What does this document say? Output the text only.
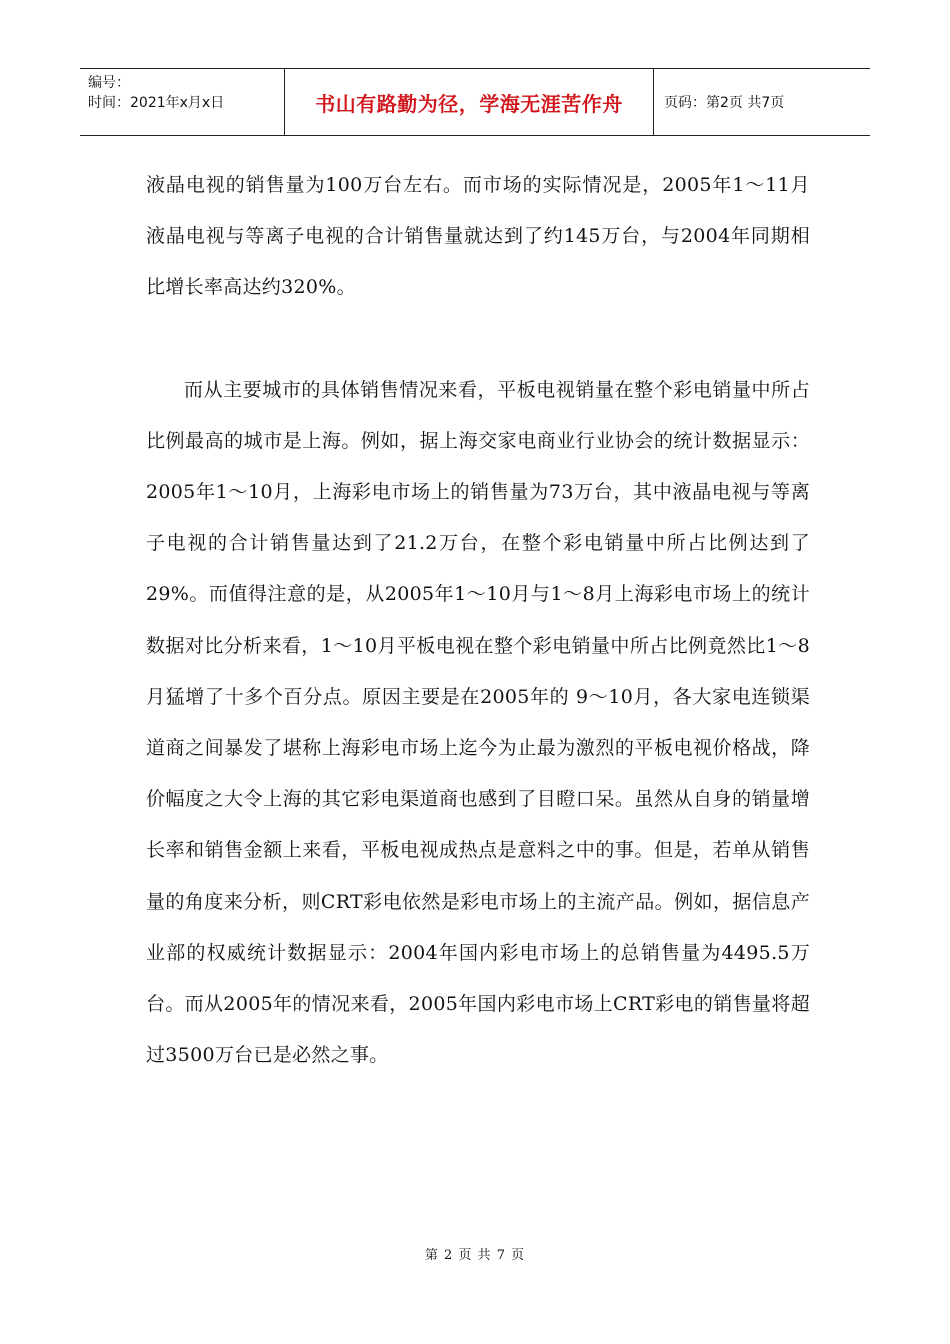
编号：
时间：2021年x月x日	书山有路勤为径，学海无涯苦作舟	页码：第2页 共7页

液晶电视的销售量为100万台左右。而市场的实际情况是，2005年1～11月液晶电视与等离子电视的合计销售量就达到了约145万台，与2004年同期相比增长率高达约320%。

而从主要城市的具体销售情况来看，平板电视销量在整个彩电销量中所占比例最高的城市是上海。例如，据上海交家电商业行业协会的统计数据显示：2005年1～10月，上海彩电市场上的销售量为73万台，其中液晶电视与等离子电视的合计销售量达到了21.2万台，在整个彩电销量中所占比例达到了29%。而值得注意的是，从2005年1～10月与1～8月上海彩电市场上的统计数据对比分析来看，1～10月平板电视在整个彩电销量中所占比例竟然比1～8月猛增了十多个百分点。原因主要是在2005年的 9～10月，各大家电连锁渠道商之间暴发了堪称上海彩电市场上迄今为止最为激烈的平板电视价格战，降价幅度之大令上海的其它彩电渠道商也感到了目瞪口呆。虽然从自身的销量增长率和销售金额上来看，平板电视成热点是意料之中的事。但是，若单从销售量的角度来分析，则CRT彩电依然是彩电市场上的主流产品。例如，据信息产业部的权威统计数据显示：2004年国内彩电市场上的总销售量为4495.5万台。而从2005年的情况来看，2005年国内彩电市场上CRT彩电的销售量将超过3500万台已是必然之事。

第 2 页 共 7 页
